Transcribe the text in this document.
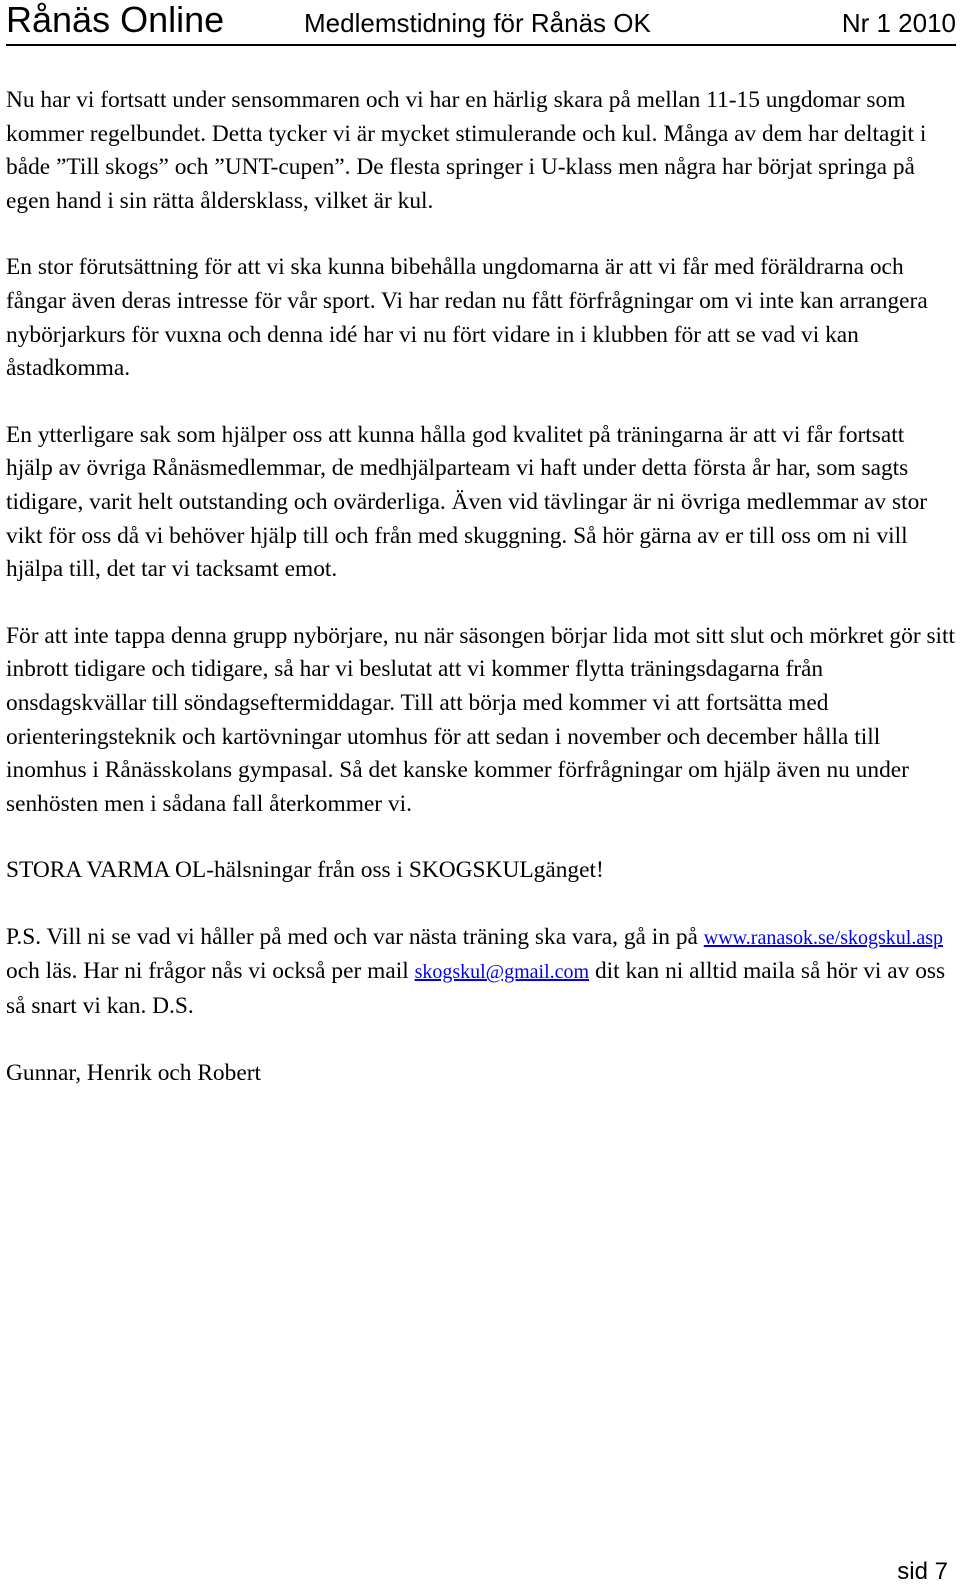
Rånäs Online	Medlemstidning för Rånäs OK	Nr 1 2010

Nu har vi fortsatt under sensommaren och vi har en härlig skara på mellan 11-15 ungdomar som kommer regelbundet. Detta tycker vi är mycket stimulerande och kul. Många av dem har deltagit i både ”Till skogs” och ”UNT-cupen”. De flesta springer i U-klass men några har börjat springa på egen hand i sin rätta åldersklass, vilket är kul.

En stor förutsättning för att vi ska kunna bibehålla ungdomarna är att vi får med föräldrarna och fångar även deras intresse för vår sport. Vi har redan nu fått förfrågningar om vi inte kan arrangera nybörjarkurs för vuxna och denna idé har vi nu fört vidare in i klubben för att se vad vi kan åstadkomma.

En ytterligare sak som hjälper oss att kunna hålla god kvalitet på träningarna är att vi får fortsatt hjälp av övriga Rånäsmedlemmar, de medhjälparteam vi haft under detta första år har, som sagts tidigare, varit helt outstanding och ovärderliga. Även vid tävlingar är ni övriga medlemmar av stor vikt för oss då vi behöver hjälp till och från med skuggning. Så hör gärna av er till oss om ni vill hjälpa till, det tar vi tacksamt emot.

För att inte tappa denna grupp nybörjare, nu när säsongen börjar lida mot sitt slut och mörkret gör sitt inbrott tidigare och tidigare, så har vi beslutat att vi kommer flytta träningsdagarna från onsdagskvällar till söndagseftermiddagar. Till att börja med kommer vi att fortsätta med orienteringsteknik och kartövningar utomhus för att sedan i november och december hålla till inomhus i Rånässkolans gympasal. Så det kanske kommer förfrågningar om hjälp även nu under senhösten men i sådana fall återkommer vi.

STORA VARMA OL-hälsningar från oss i SKOGSKULgänget!

P.S. Vill ni se vad vi håller på med och var nästa träning ska vara, gå in på www.ranasok.se/skogskul.asp och läs. Har ni frågor nås vi också per mail skogskul@gmail.com dit kan ni alltid maila så hör vi av oss så snart vi kan. D.S.

Gunnar, Henrik och Robert

sid 7
